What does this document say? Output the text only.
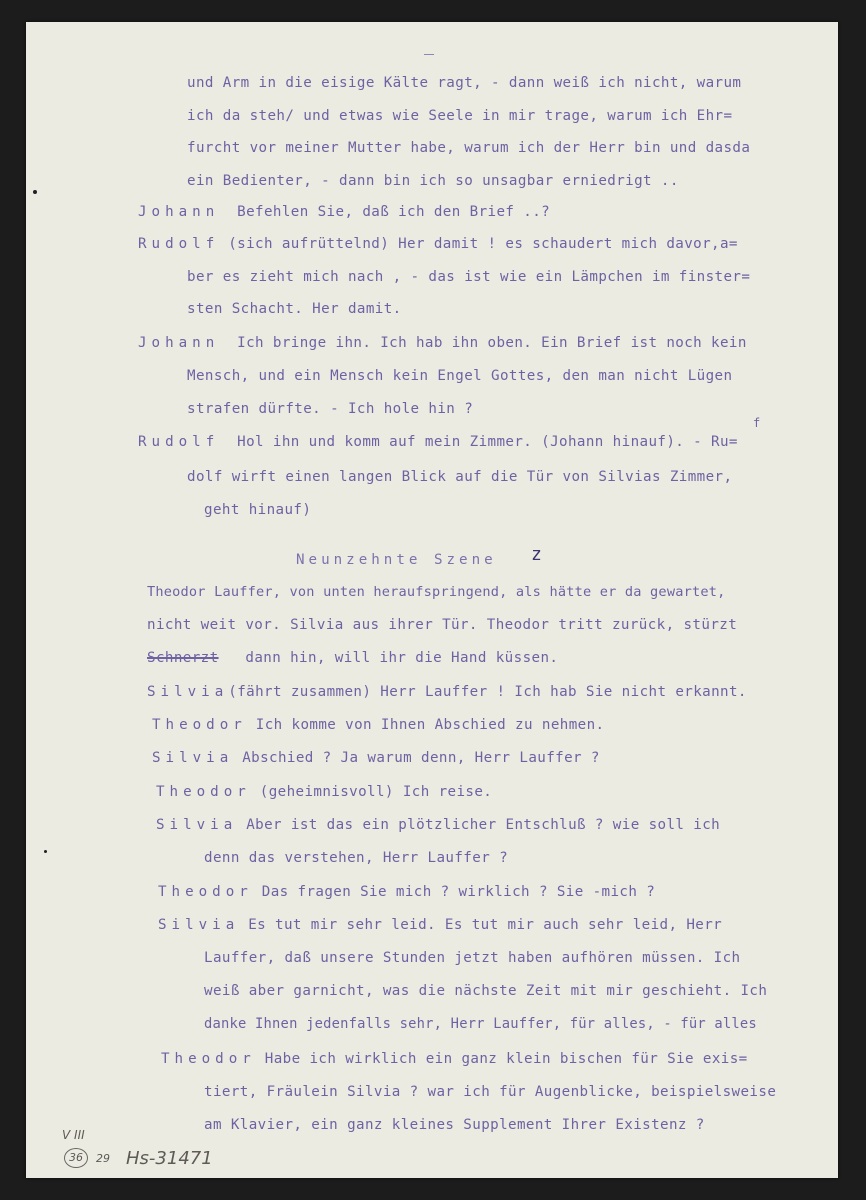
und Arm in die eisige Kälte ragt, - dann weiß ich nicht, warum
ich da steh/ und etwas wie Seele in mir trage, warum ich Ehr=
furcht vor meiner Mutter habe, warum ich der Herr bin und dasda
ein Bedienter, - dann bin ich so unsagbar erniedrigt ..
Johann Befehlen Sie, daß ich den Brief ..?
Rudolf (sich aufrüttelnd) Her damit ! es schaudert mich davor,a=
ber es zieht mich nach , - das ist wie ein Lämpchen im finster=
sten Schacht. Her damit.
Johann Ich bringe ihn. Ich hab ihn oben. Ein Brief ist noch kein
Mensch, und ein Mensch kein Engel Gottes, den man nicht Lügen
strafen dürfte. - Ich hole hin ?
f
Rudolf Hol ihn und komm auf mein Zimmer. (Johann hinauf). - Ru=
dolf wirft einen langen Blick auf die Tür von Silvias Zimmer,
geht hinauf)
Neunzehnte Szene z
Theodor Lauffer, von unten heraufspringend, als hätte er da gewartet,
nicht weit vor. Silvia aus ihrer Tür. Theodor tritt zurück, stürzt
Schnerzt dann hin, will ihr die Hand küssen.
Silvia(fährt zusammen) Herr Lauffer ! Ich hab Sie nicht erkannt.
Theodor Ich komme von Ihnen Abschied zu nehmen.
Silvia Abschied ? Ja warum denn, Herr Lauffer ?
Theodor (geheimnisvoll) Ich reise.
Silvia Aber ist das ein plötzlicher Entschluß ? wie soll ich
denn das verstehen, Herr Lauffer ?
Theodor Das fragen Sie mich ? wirklich ? Sie -mich ?
Silvia Es tut mir sehr leid. Es tut mir auch sehr leid, Herr
Lauffer, daß unsere Stunden jetzt haben aufhören müssen. Ich
weiß aber garnicht, was die nächste Zeit mit mir geschieht. Ich
danke Ihnen jedenfalls sehr, Herr Lauffer, für alles, - für alles
Theodor Habe ich wirklich ein ganz klein bischen für Sie exis=
tiert, Fräulein Silvia ? war ich für Augenblicke, beispielsweise
am Klavier, ein ganz kleines Supplement Ihrer Existenz ?
V III
36	29 Hs-31471
